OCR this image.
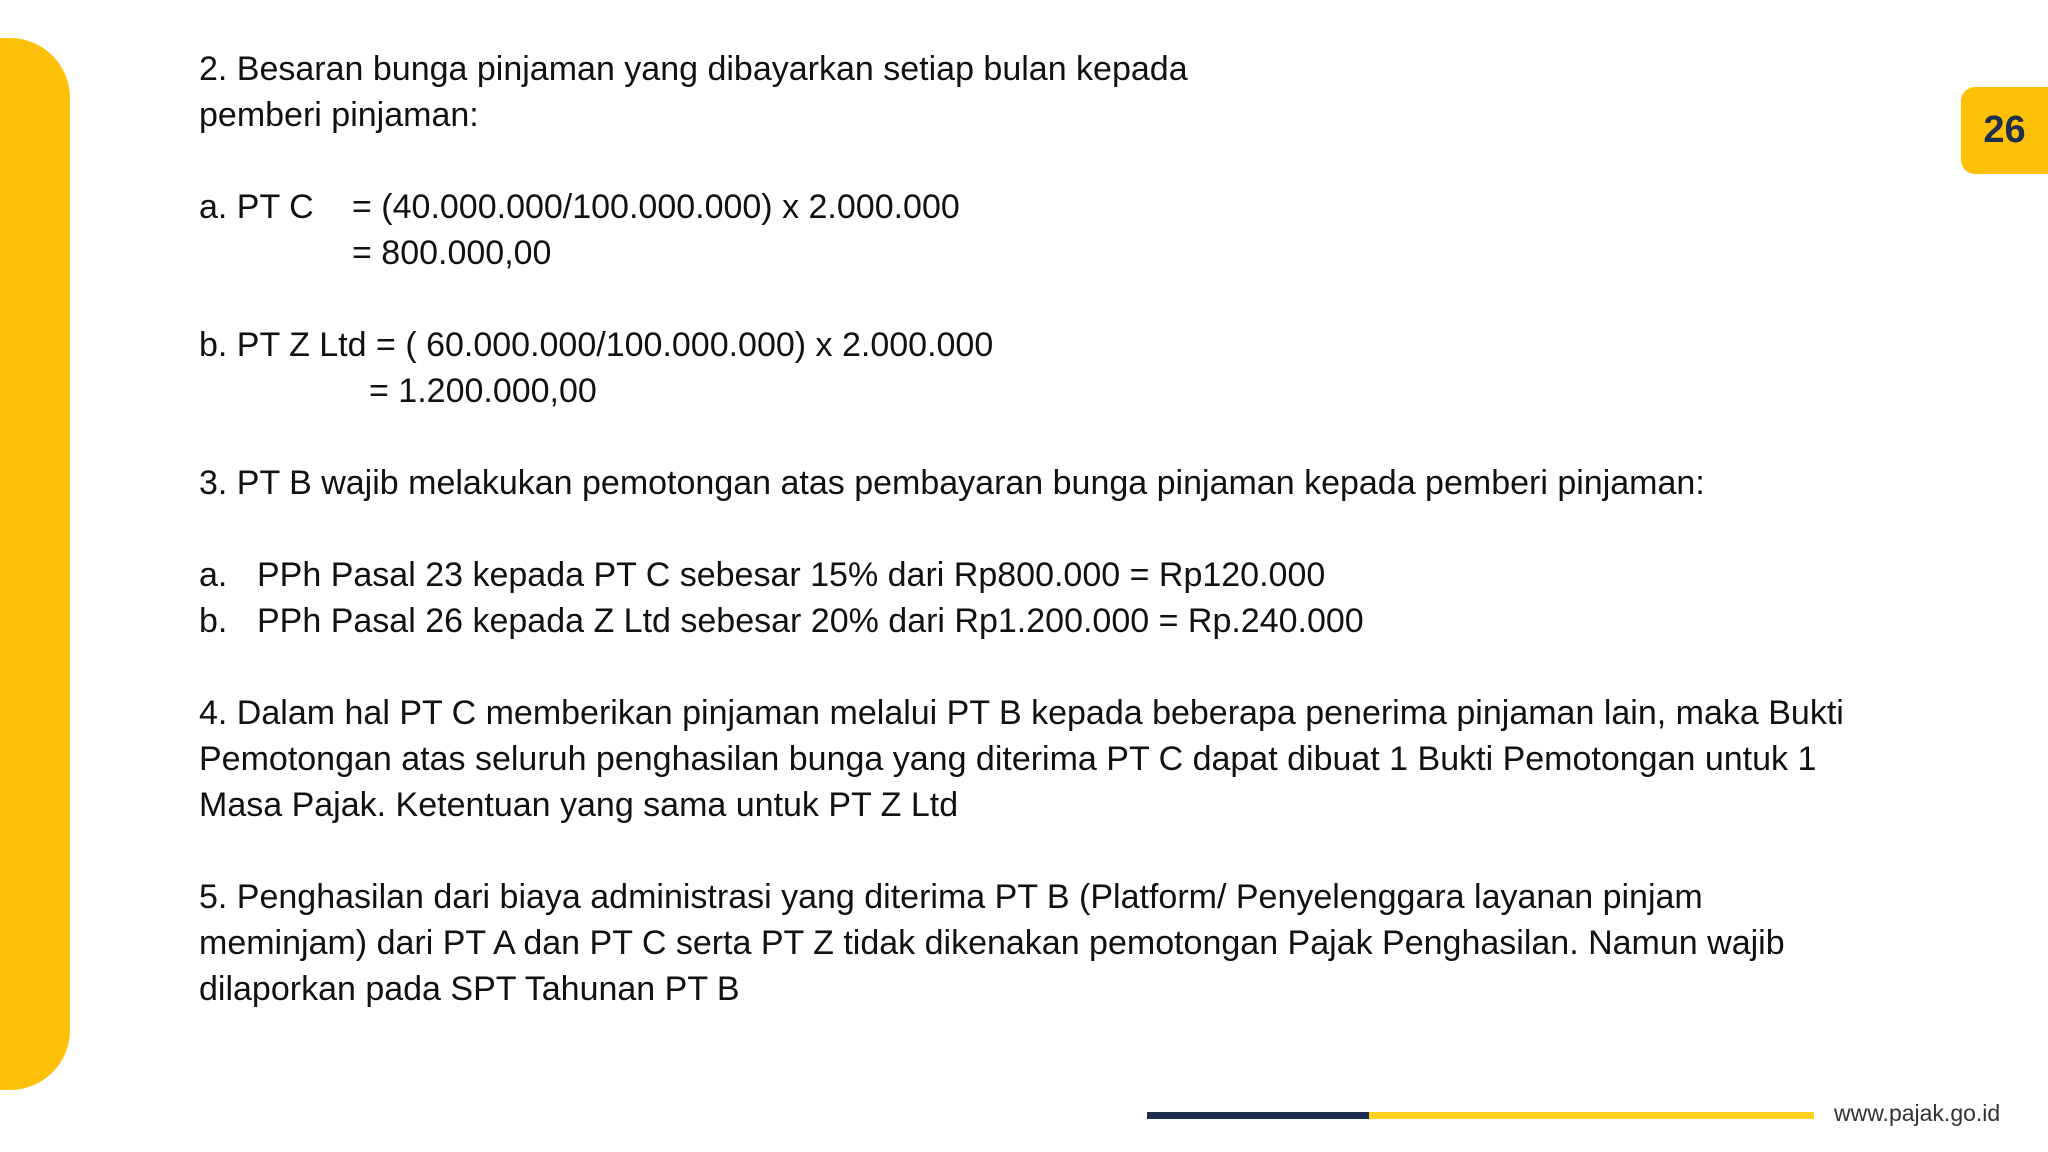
26
2. Besaran bunga pinjaman yang dibayarkan setiap bulan kepada
pemberi pinjaman:
a. PT C	= (40.000.000/100.000.000) x 2.000.000
= 800.000,00
b. PT Z Ltd = ( 60.000.000/100.000.000) x 2.000.000
= 1.200.000,00
3. PT B wajib melakukan pemotongan atas pembayaran bunga pinjaman kepada pemberi pinjaman:
a. PPh Pasal 23 kepada PT C sebesar 15% dari Rp800.000 = Rp120.000
b. PPh Pasal 26 kepada Z Ltd sebesar 20% dari Rp1.200.000 = Rp.240.000
4. Dalam hal PT C memberikan pinjaman melalui PT B kepada beberapa penerima pinjaman lain, maka Bukti
Pemotongan atas seluruh penghasilan bunga yang diterima PT C dapat dibuat 1 Bukti Pemotongan untuk 1
Masa Pajak. Ketentuan yang sama untuk PT Z Ltd
5. Penghasilan dari biaya administrasi yang diterima PT B (Platform/ Penyelenggara layanan pinjam
meminjam) dari PT A dan PT C serta PT Z tidak dikenakan pemotongan Pajak Penghasilan. Namun wajib
dilaporkan pada SPT Tahunan PT B
www.pajak.go.id
